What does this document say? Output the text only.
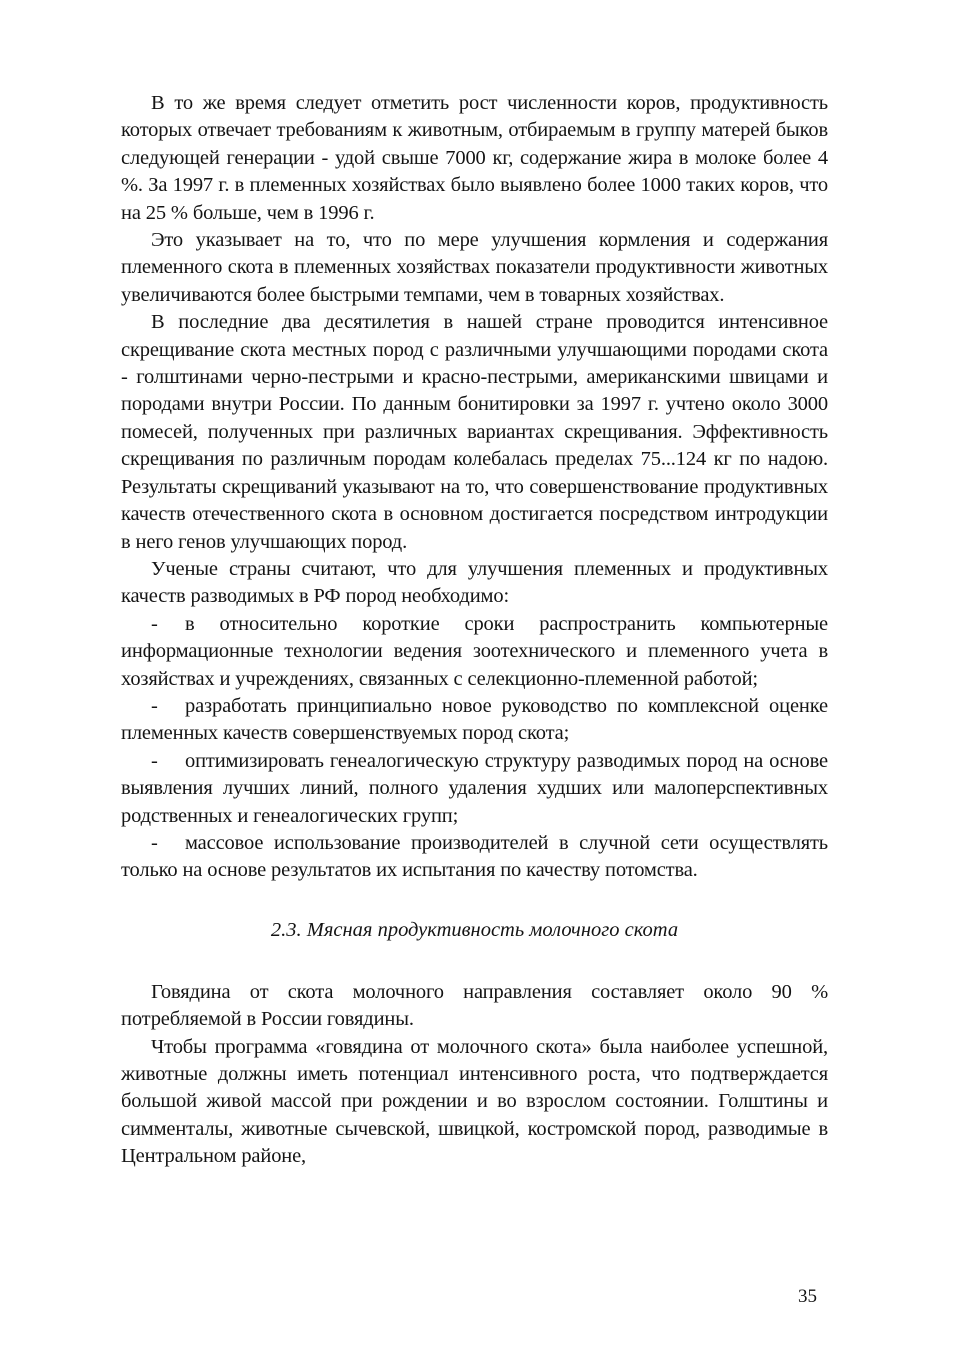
В то же время следует отметить рост численности коров, продуктивность которых отвечает требованиям к животным, отбираемым в группу матерей быков следующей генерации - удой свыше 7000 кг, содержание жира в молоке более 4 %. За 1997 г. в племенных хозяйствах было выявлено более 1000 таких коров, что на 25 % больше, чем в 1996 г.

Это указывает на то, что по мере улучшения кормления и содержания племенного скота в племенных хозяйствах показатели продуктивности животных увеличиваются более быстрыми темпами, чем в товарных хозяйствах.

В последние два десятилетия в нашей стране проводится интенсивное скрещивание скота местных пород с различными улучшающими породами скота - голштинами черно-пестрыми и красно-пестрыми, американскими швицами и породами внутри России. По данным бонитировки за 1997 г. учтено около 3000 помесей, полученных при различных вариантах скрещивания. Эффективность скрещивания по различным породам колебалась пределах 75...124 кг по надою. Результаты скрещиваний указывают на то, что совершенствование продуктивных качеств отечественного скота в основном достигается посредством интродукции в него генов улучшающих пород.

Ученые страны считают, что для улучшения племенных и продуктивных качеств разводимых в РФ пород необходимо:

- в относительно короткие сроки распространить компьютерные информационные технологии ведения зоотехнического и племенного учета в хозяйствах и учреждениях, связанных с селекционно-племенной работой;

- разработать принципиально новое руководство по комплексной оценке племенных качеств совершенствуемых пород скота;

- оптимизировать генеалогическую структуру разводимых пород на основе выявления лучших линий, полного удаления худших или малоперспективных родственных и генеалогических групп;

- массовое использование производителей в случной сети осуществлять только на основе результатов их испытания по качеству потомства.

2.3. Мясная продуктивность молочного скота

Говядина от скота молочного направления составляет около 90 % потребляемой в России говядины.

Чтобы программа «говядина от молочного скота» была наиболее успешной, животные должны иметь потенциал интенсивного роста, что подтверждается большой живой массой при рождении и во взрослом состоянии. Голштины и симменталы, животные сычевской, швицкой, костромской пород, разводимые в Центральном районе,

35
